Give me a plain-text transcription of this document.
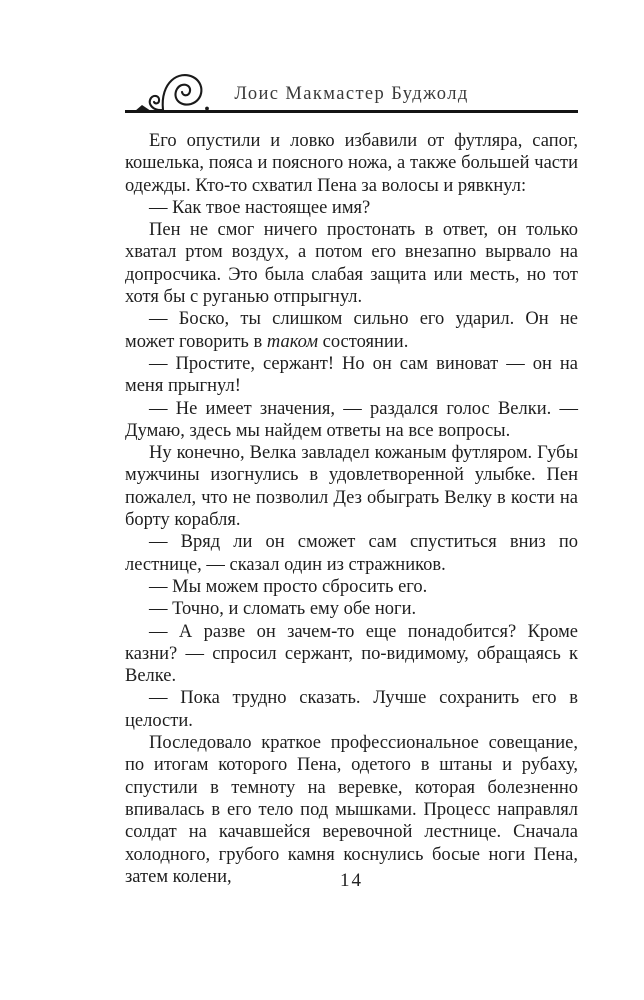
Лоис Макмастер Буджолд

Его опустили и ловко избавили от футляра, сапог, кошелька, пояса и поясного ножа, а также большей части одежды. Кто-то схватил Пена за волосы и рявкнул:

— Как твое настоящее имя?

Пен не смог ничего простонать в ответ, он только хватал ртом воздух, а потом его внезапно вырвало на допросчика. Это была слабая защита или месть, но тот хотя бы с руганью отпрыгнул.

— Боско, ты слишком сильно его ударил. Он не может говорить в таком состоянии.

— Простите, сержант! Но он сам виноват — он на меня прыгнул!

— Не имеет значения, — раздался голос Велки. — Думаю, здесь мы найдем ответы на все вопросы.

Ну конечно, Велка завладел кожаным футляром. Губы мужчины изогнулись в удовлетворенной улыбке. Пен пожалел, что не позволил Дез обыграть Велку в кости на борту корабля.

— Вряд ли он сможет сам спуститься вниз по лестнице, — сказал один из стражников.

— Мы можем просто сбросить его.

— Точно, и сломать ему обе ноги.

— А разве он зачем-то еще понадобится? Кроме казни? — спросил сержант, по-видимому, обращаясь к Велке.

— Пока трудно сказать. Лучше сохранить его в целости.

Последовало краткое профессиональное совещание, по итогам которого Пена, одетого в штаны и рубаху, спустили в темноту на веревке, которая болезненно впивалась в его тело под мышками. Процесс направлял солдат на качавшейся веревочной лестнице. Сначала холодного, грубого камня коснулись босые ноги Пена, затем колени,	14
